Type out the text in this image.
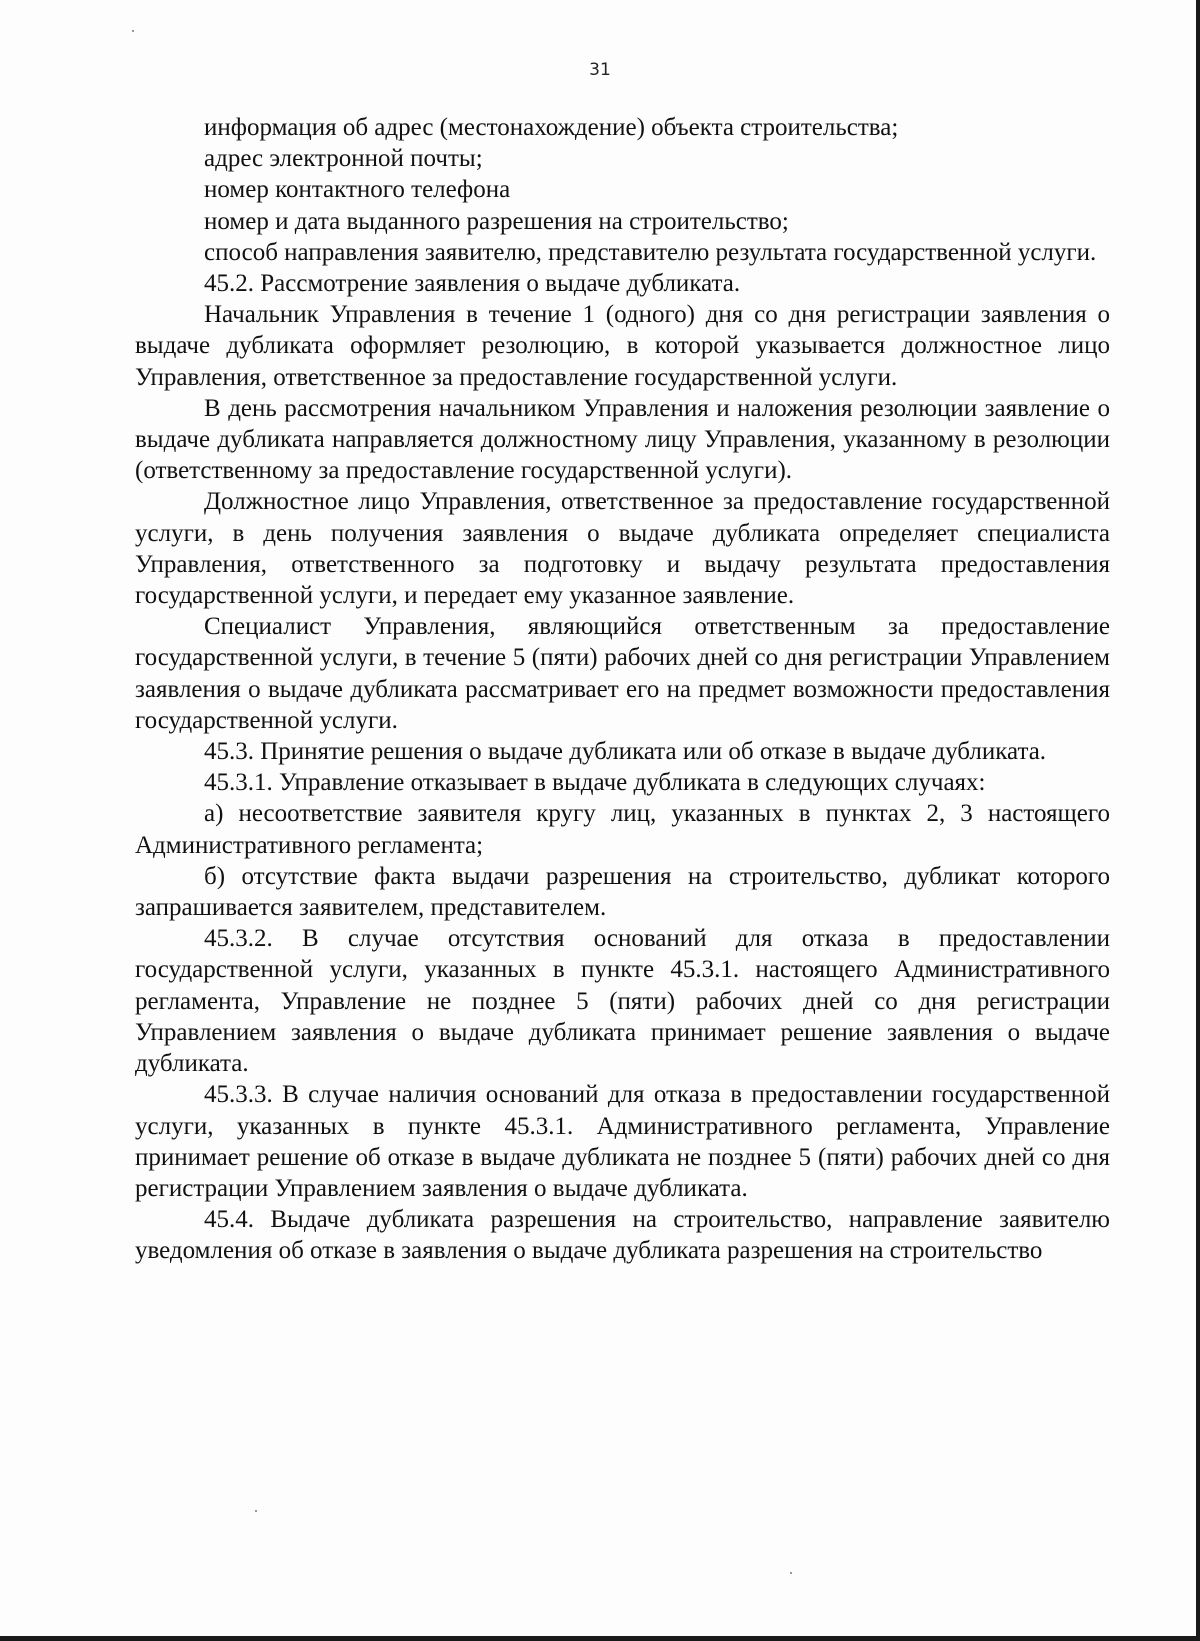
31

информация об адрес (местонахождение) объекта строительства;

адрес электронной почты;

номер контактного телефона

номер и дата выданного разрешения на строительство;

способ направления заявителю, представителю результата государственной услуги.

45.2. Рассмотрение заявления о выдаче дубликата.

Начальник Управления в течение 1 (одного) дня со дня регистрации заявления о выдаче дубликата оформляет резолюцию, в которой указывается должностное лицо Управления, ответственное за предоставление государственной услуги.

В день рассмотрения начальником Управления и наложения резолюции заявление о выдаче дубликата направляется должностному лицу Управления, указанному в резолюции (ответственному за предоставление государственной услуги).

Должностное лицо Управления, ответственное за предоставление государственной услуги, в день получения заявления о выдаче дубликата определяет специалиста Управления, ответственного за подготовку и выдачу результата предоставления государственной услуги, и передает ему указанное заявление.

Специалист Управления, являющийся ответственным за предоставление государственной услуги, в течение 5 (пяти) рабочих дней со дня регистрации Управлением заявления о выдаче дубликата рассматривает его на предмет возможности предоставления государственной услуги.

45.3. Принятие решения о выдаче дубликата или об отказе в выдаче дубликата.

45.3.1. Управление отказывает в выдаче дубликата в следующих случаях:

а) несоответствие заявителя кругу лиц, указанных в пунктах 2, 3 настоящего Административного регламента;

б) отсутствие факта выдачи разрешения на строительство, дубликат которого запрашивается заявителем, представителем.

45.3.2. В случае отсутствия оснований для отказа в предоставлении государственной услуги, указанных в пункте 45.3.1. настоящего Административного регламента, Управление не позднее 5 (пяти) рабочих дней со дня регистрации Управлением заявления о выдаче дубликата принимает решение заявления о выдаче дубликата.

45.3.3. В случае наличия оснований для отказа в предоставлении государственной услуги, указанных в пункте 45.3.1. Административного регламента, Управление принимает решение об отказе в выдаче дубликата не позднее 5 (пяти) рабочих дней со дня регистрации Управлением заявления о выдаче дубликата.

45.4. Выдаче дубликата разрешения на строительство, направление заявителю уведомления об отказе в заявления о выдаче дубликата разрешения на строительство
